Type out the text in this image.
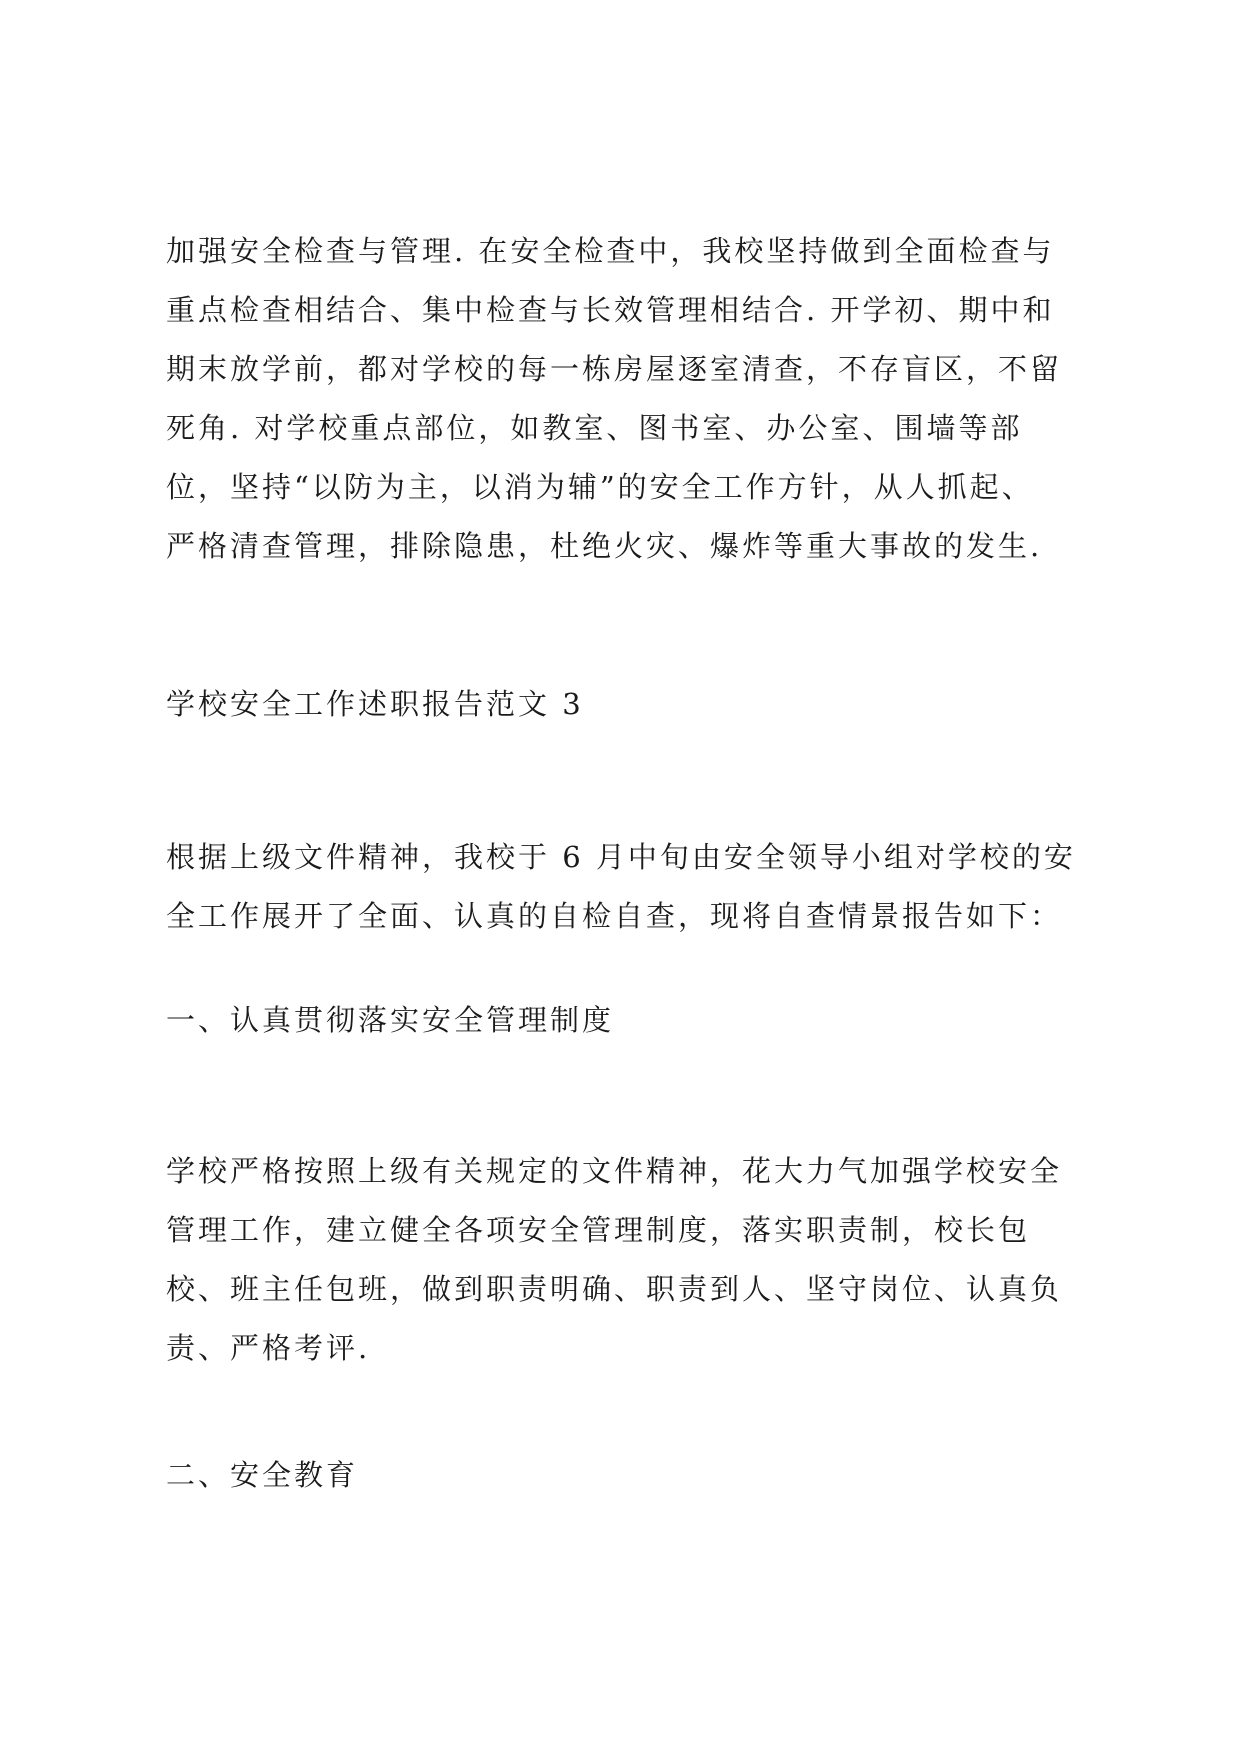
加强安全检查与管理. 在安全检查中，我校坚持做到全面检查与
重点检查相结合、集中检查与长效管理相结合. 开学初、期中和
期末放学前，都对学校的每一栋房屋逐室清查，不存盲区，不留
死角. 对学校重点部位，如教室、图书室、办公室、围墙等部
位，坚持“以防为主，以消为辅”的安全工作方针，从人抓起、
严格清查管理，排除隐患，杜绝火灾、爆炸等重大事故的发生.
学校安全工作述职报告范文 3
根据上级文件精神，我校于 6 月中旬由安全领导小组对学校的安
全工作展开了全面、认真的自检自查，现将自查情景报告如下：
一、认真贯彻落实安全管理制度
学校严格按照上级有关规定的文件精神，花大力气加强学校安全
管理工作，建立健全各项安全管理制度，落实职责制，校长包
校、班主任包班，做到职责明确、职责到人、坚守岗位、认真负
责、严格考评.
二、安全教育
